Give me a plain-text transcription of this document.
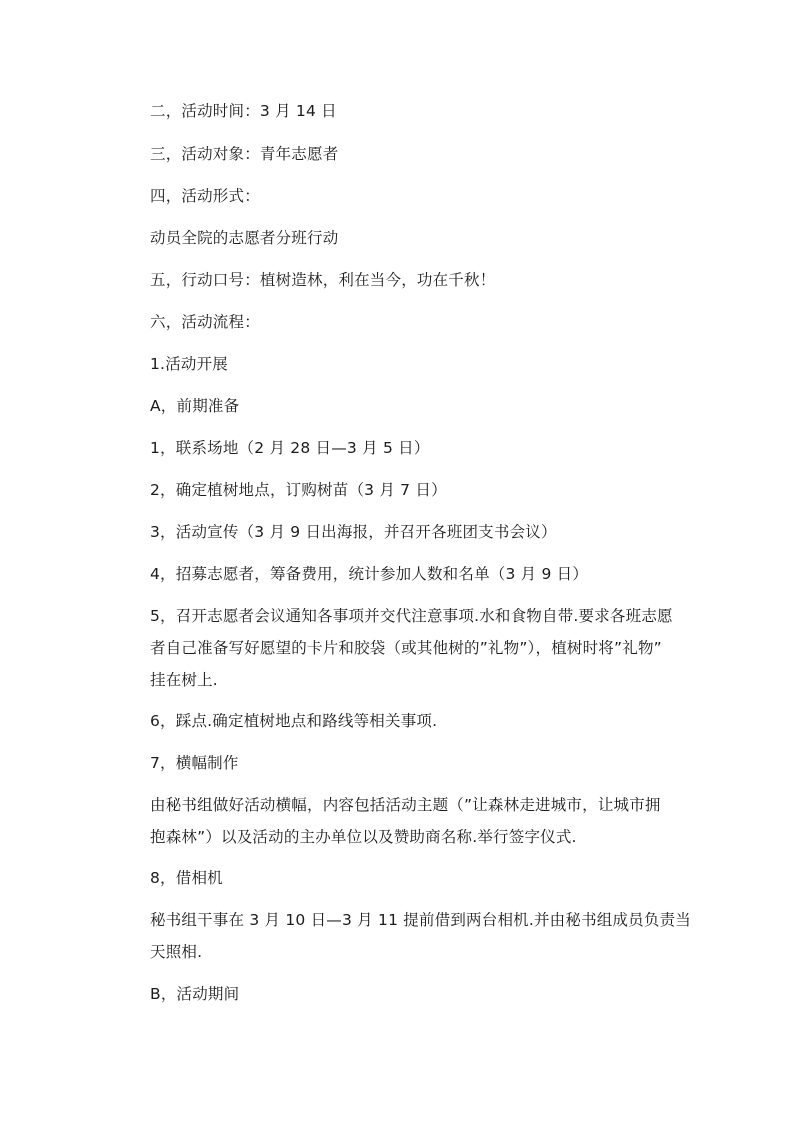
二，活动时间：3 月 14 日
三，活动对象：青年志愿者
四，活动形式：
动员全院的志愿者分班行动
五，行动口号：植树造林，利在当今，功在千秋！
六，活动流程：
1.活动开展
A，前期准备
1，联系场地（2 月 28 日—3 月 5 日）
2，确定植树地点，订购树苗（3 月 7 日）
3，活动宣传（3 月 9 日出海报，并召开各班团支书会议）
4，招募志愿者，筹备费用，统计参加人数和名单（3 月 9 日）
5，召开志愿者会议通知各事项并交代注意事项.水和食物自带.要求各班志愿
者自己准备写好愿望的卡片和胶袋（或其他树的”礼物”），植树时将”礼物”
挂在树上.
6，踩点.确定植树地点和路线等相关事项.
7，横幅制作
由秘书组做好活动横幅，内容包括活动主题（”让森林走进城市，让城市拥
抱森林”）以及活动的主办单位以及赞助商名称.举行签字仪式.
8，借相机
秘书组干事在 3 月 10 日—3 月 11 提前借到两台相机.并由秘书组成员负责当
天照相.
B，活动期间
